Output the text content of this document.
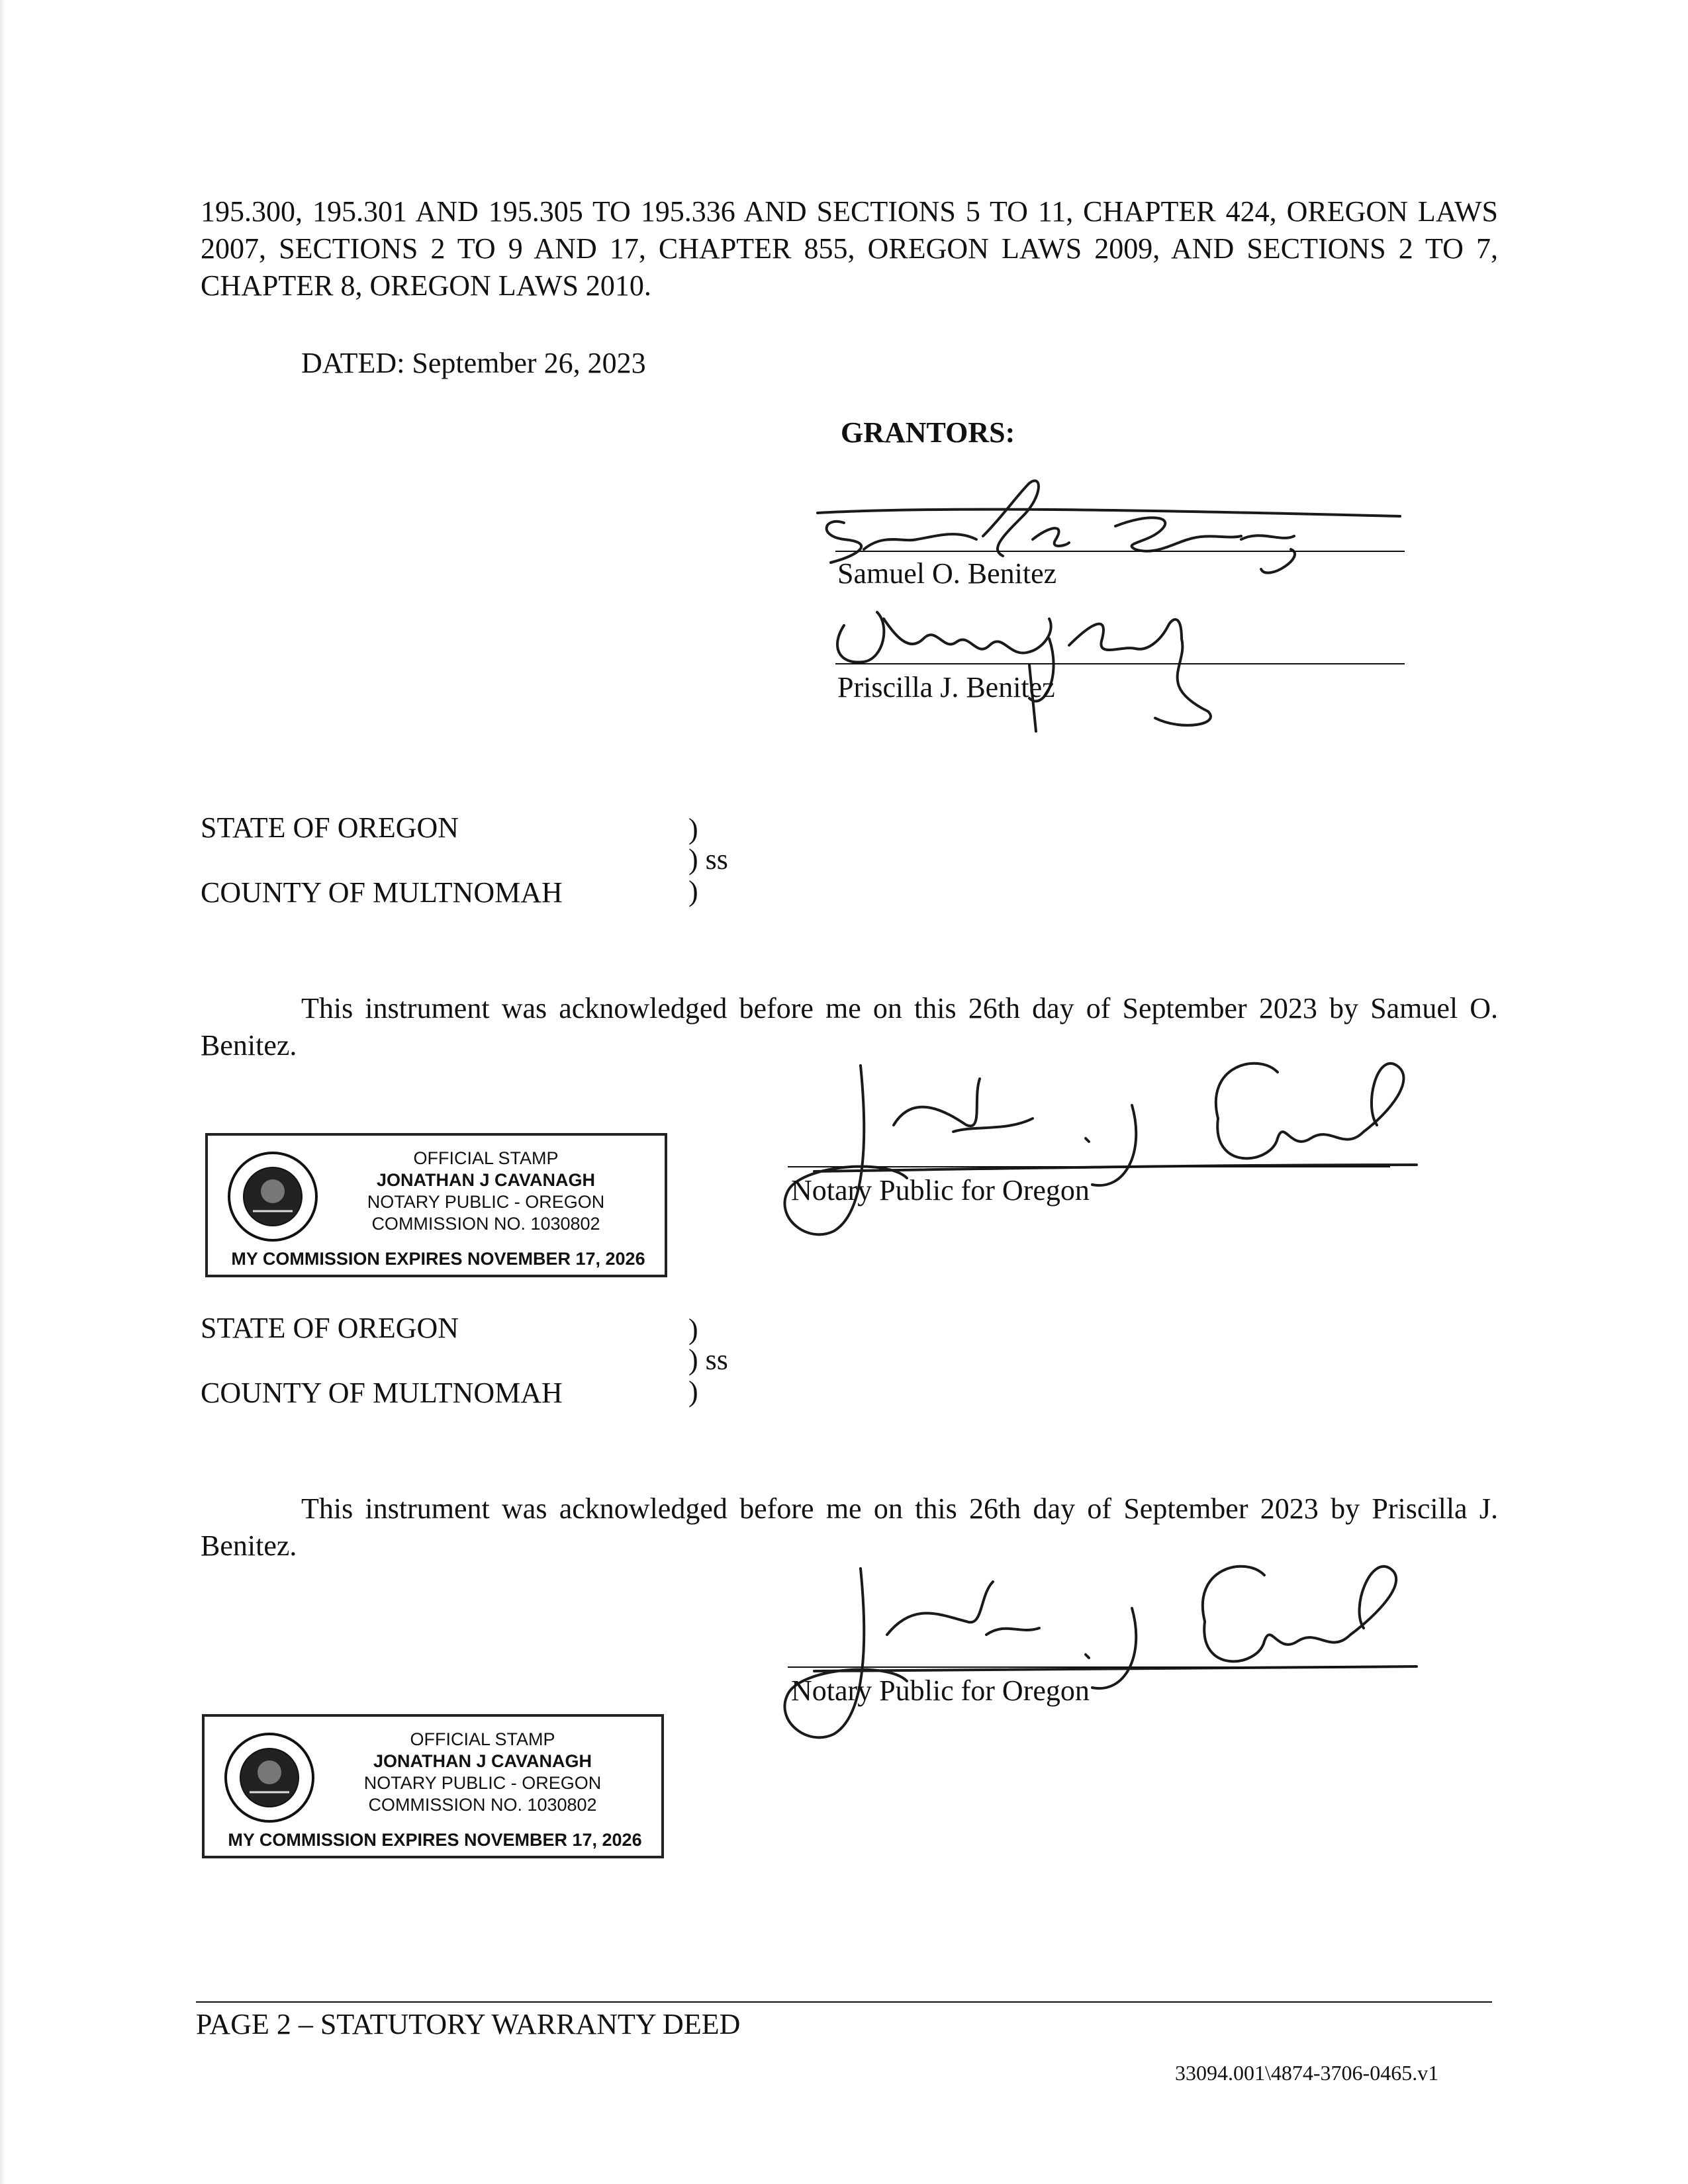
195.300, 195.301 AND 195.305 TO 195.336 AND SECTIONS 5 TO 11, CHAPTER 424, OREGON LAWS 2007, SECTIONS 2 TO 9 AND 17, CHAPTER 855, OREGON LAWS 2009, AND SECTIONS 2 TO 7, CHAPTER 8, OREGON LAWS 2010.
DATED: September 26, 2023
GRANTORS:
Samuel O. Benitez
Priscilla J. Benitez
STATE OF OREGON	)
) ss
COUNTY OF MULTNOMAH	)
This instrument was acknowledged before me on this 26th day of September 2023 by Samuel O. Benitez.
Notary Public for Oregon
OFFICIAL STAMP
JONATHAN J CAVANAGH
NOTARY PUBLIC - OREGON
COMMISSION NO. 1030802
MY COMMISSION EXPIRES NOVEMBER 17, 2026
STATE OF OREGON	)
) ss
COUNTY OF MULTNOMAH	)
This instrument was acknowledged before me on this 26th day of September 2023 by Priscilla J. Benitez.
Notary Public for Oregon
OFFICIAL STAMP
JONATHAN J CAVANAGH
NOTARY PUBLIC - OREGON
COMMISSION NO. 1030802
MY COMMISSION EXPIRES NOVEMBER 17, 2026
PAGE 2 – STATUTORY WARRANTY DEED
33094.001\4874-3706-0465.v1
